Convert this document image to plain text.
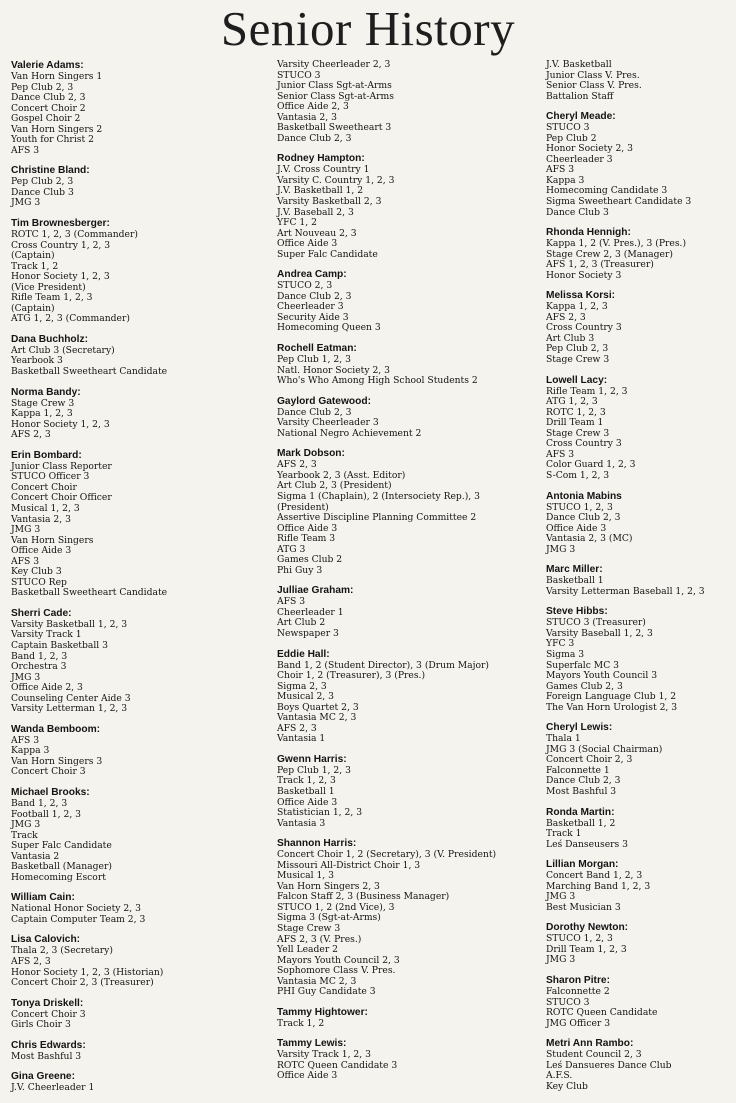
Senior History
Valerie Adams:
Van Horn Singers 1
Pep Club 2, 3
Dance Club 2, 3
Concert Choir 2
Gospel Choir 2
Van Horn Singers 2
Youth for Christ 2
AFS 3
Christine Bland:
Pep Club 2, 3
Dance Club 3
JMG 3
Tim Brownesberger:
ROTC 1, 2, 3 (Commander)
Cross Country 1, 2, 3
(Captain)
Track 1, 2
Honor Society 1, 2, 3
(Vice President)
Rifle Team 1, 2, 3
(Captain)
ATG 1, 2, 3 (Commander)
Dana Buchholz:
Art Club 3 (Secretary)
Yearbook 3
Basketball Sweetheart Candidate
Norma Bandy:
Stage Crew 3
Kappa 1, 2, 3
Honor Society 1, 2, 3
AFS 2, 3
Erin Bombard:
Junior Class Reporter
STUCO Officer 3
Concert Choir
Concert Choir Officer
Musical 1, 2, 3
Vantasia 2, 3
JMG 3
Van Horn Singers
Office Aide 3
AFS 3
Key Club 3
STUCO Rep
Basketball Sweetheart Candidate
Sherri Cade:
Varsity Basketball 1, 2, 3
Varsity Track 1
Captain Basketball 3
Band 1, 2, 3
Orchestra 3
JMG 3
Office Aide 2, 3
Counseling Center Aide 3
Varsity Letterman 1, 2, 3
Wanda Bemboom:
AFS 3
Kappa 3
Van Horn Singers 3
Concert Choir 3
Michael Brooks:
Band 1, 2, 3
Football 1, 2, 3
JMG 3
Track
Super Falc Candidate
Vantasia 2
Basketball (Manager)
Homecoming Escort
William Cain:
National Honor Society 2, 3
Captain Computer Team 2, 3
Lisa Calovich:
Thala 2, 3 (Secretary)
AFS 2, 3
Honor Society 1, 2, 3 (Historian)
Concert Choir 2, 3 (Treasurer)
Tonya Driskell:
Concert Choir 3
Girls Choir 3
Chris Edwards:
Most Bashful 3
Gina Greene:
J.V. Cheerleader 1
Varsity Cheerleader 2, 3
STUCO 3
Junior Class Sgt-at-Arms
Senior Class Sgt-at-Arms
Office Aide 2, 3
Vantasia 2, 3
Basketball Sweetheart 3
Dance Club 2, 3
Rodney Hampton:
J.V. Cross Country 1
Varsity C. Country 1, 2, 3
J.V. Basketball 1, 2
Varsity Basketball 2, 3
J.V. Baseball 2, 3
YFC 1, 2
Art Nouveau 2, 3
Office Aide 3
Super Falc Candidate
Andrea Camp:
STUCO 2, 3
Dance Club 2, 3
Cheerleader 3
Security Aide 3
Homecoming Queen 3
Rochell Eatman:
Pep Club 1, 2, 3
Natl. Honor Society 2, 3
Who's Who Among High School Students 2
Gaylord Gatewood:
Dance Club 2, 3
Varsity Cheerleader 3
National Negro Achievement 2
Mark Dobson:
AFS 2, 3
Yearbook 2, 3 (Asst. Editor)
Art Club 2, 3 (President)
Sigma 1 (Chaplain), 2 (Intersociety Rep.), 3
(President)
Assertive Discipline Planning Committee 2
Office Aide 3
Rifle Team 3
ATG 3
Games Club 2
Phi Guy 3
Julliae Graham:
AFS 3
Cheerleader 1
Art Club 2
Newspaper 3
Eddie Hall:
Band 1, 2 (Student Director), 3 (Drum Major)
Choir 1, 2 (Treasurer), 3 (Pres.)
Sigma 2, 3
Musical 2, 3
Boys Quartet 2, 3
Vantasia MC 2, 3
AFS 2, 3
Vantasia 1
Gwenn Harris:
Pep Club 1, 2, 3
Track 1, 2, 3
Basketball 1
Office Aide 3
Statistician 1, 2, 3
Vantasia 3
Shannon Harris:
Concert Choir 1, 2 (Secretary), 3 (V. President)
Missouri All-District Choir 1, 3
Musical 1, 3
Van Horn Singers 2, 3
Falcon Staff 2, 3 (Business Manager)
STUCO 1, 2 (2nd Vice), 3
Sigma 3 (Sgt-at-Arms)
Stage Crew 3
AFS 2, 3 (V. Pres.)
Yell Leader 2
Mayors Youth Council 2, 3
Sophomore Class V. Pres.
Vantasia MC 2, 3
PHI Guy Candidate 3
Tammy Hightower:
Track 1, 2
Tammy Lewis:
Varsity Track 1, 2, 3
ROTC Queen Candidate 3
Office Aide 3
J.V. Basketball
Junior Class V. Pres.
Senior Class V. Pres.
Battalion Staff
Cheryl Meade:
STUCO 3
Pep Club 2
Honor Society 2, 3
Cheerleader 3
AFS 3
Kappa 3
Homecoming Candidate 3
Sigma Sweetheart Candidate 3
Dance Club 3
Rhonda Hennigh:
Kappa 1, 2 (V. Pres.), 3 (Pres.)
Stage Crew 2, 3 (Manager)
AFS 1, 2, 3 (Treasurer)
Honor Society 3
Melissa Korsi:
Kappa 1, 2, 3
AFS 2, 3
Cross Country 3
Art Club 3
Pep Club 2, 3
Stage Crew 3
Lowell Lacy:
Rifle Team 1, 2, 3
ATG 1, 2, 3
ROTC 1, 2, 3
Drill Team 1
Stage Crew 3
Cross Country 3
AFS 3
Color Guard 1, 2, 3
S-Com 1, 2, 3
Antonia Mabins
STUCO 1, 2, 3
Dance Club 2, 3
Office Aide 3
Vantasia 2, 3 (MC)
JMG 3
Marc Miller:
Basketball 1
Varsity Letterman Baseball 1, 2, 3
Steve Hibbs:
STUCO 3 (Treasurer)
Varsity Baseball 1, 2, 3
YFC 3
Sigma 3
Superfalc MC 3
Mayors Youth Council 3
Games Club 2, 3
Foreign Language Club 1, 2
The Van Horn Urologist 2, 3
Cheryl Lewis:
Thala 1
JMG 3 (Social Chairman)
Concert Choir 2, 3
Falconnette 1
Dance Club 2, 3
Most Bashful 3
Ronda Martin:
Basketball 1, 2
Track 1
Leś Danseusers 3
Lillian Morgan:
Concert Band 1, 2, 3
Marching Band 1, 2, 3
JMG 3
Best Musician 3
Dorothy Newton:
STUCO 1, 2, 3
Drill Team 1, 2, 3
JMG 3
Sharon Pitre:
Falconnette 2
STUCO 3
ROTC Queen Candidate
JMG Officer 3
Metri Ann Rambo:
Student Council 2, 3
Leś Dansueres Dance Club
A.F.S.
Key Club
